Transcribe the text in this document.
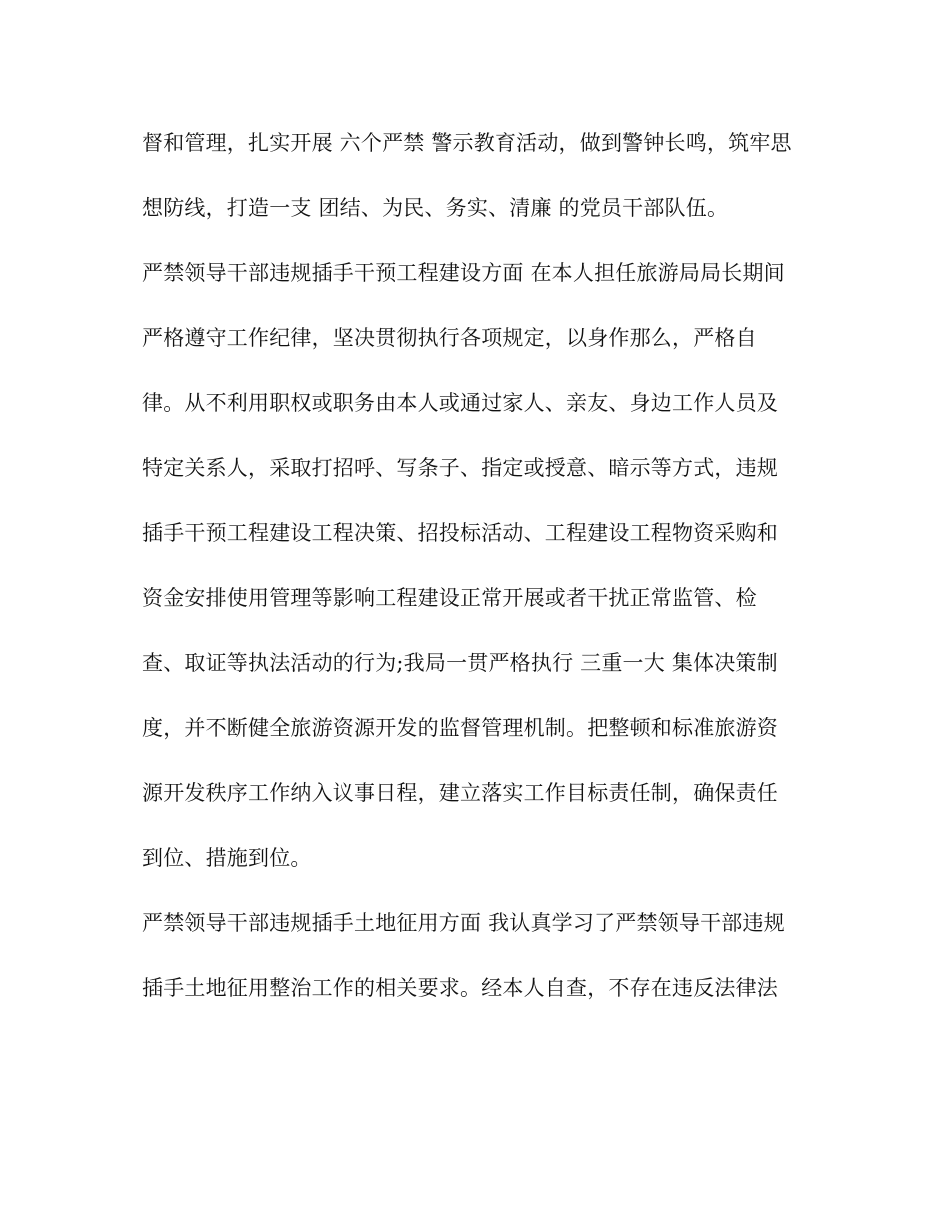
督和管理，扎实开展 六个严禁 警示教育活动，做到警钟长鸣，筑牢思
想防线，打造一支 团结、为民、务实、清廉 的党员干部队伍。
严禁领导干部违规插手干预工程建设方面 在本人担任旅游局局长期间
严格遵守工作纪律，坚决贯彻执行各项规定，以身作那么，严格自
律。从不利用职权或职务由本人或通过家人、亲友、身边工作人员及
特定关系人，采取打招呼、写条子、指定或授意、暗示等方式，违规
插手干预工程建设工程决策、招投标活动、工程建设工程物资采购和
资金安排使用管理等影响工程建设正常开展或者干扰正常监管、检
查、取证等执法活动的行为;我局一贯严格执行 三重一大 集体决策制
度，并不断健全旅游资源开发的监督管理机制。把整顿和标准旅游资
源开发秩序工作纳入议事日程，建立落实工作目标责任制，确保责任
到位、措施到位。
严禁领导干部违规插手土地征用方面 我认真学习了严禁领导干部违规
插手土地征用整治工作的相关要求。经本人自查，不存在违反法律法
